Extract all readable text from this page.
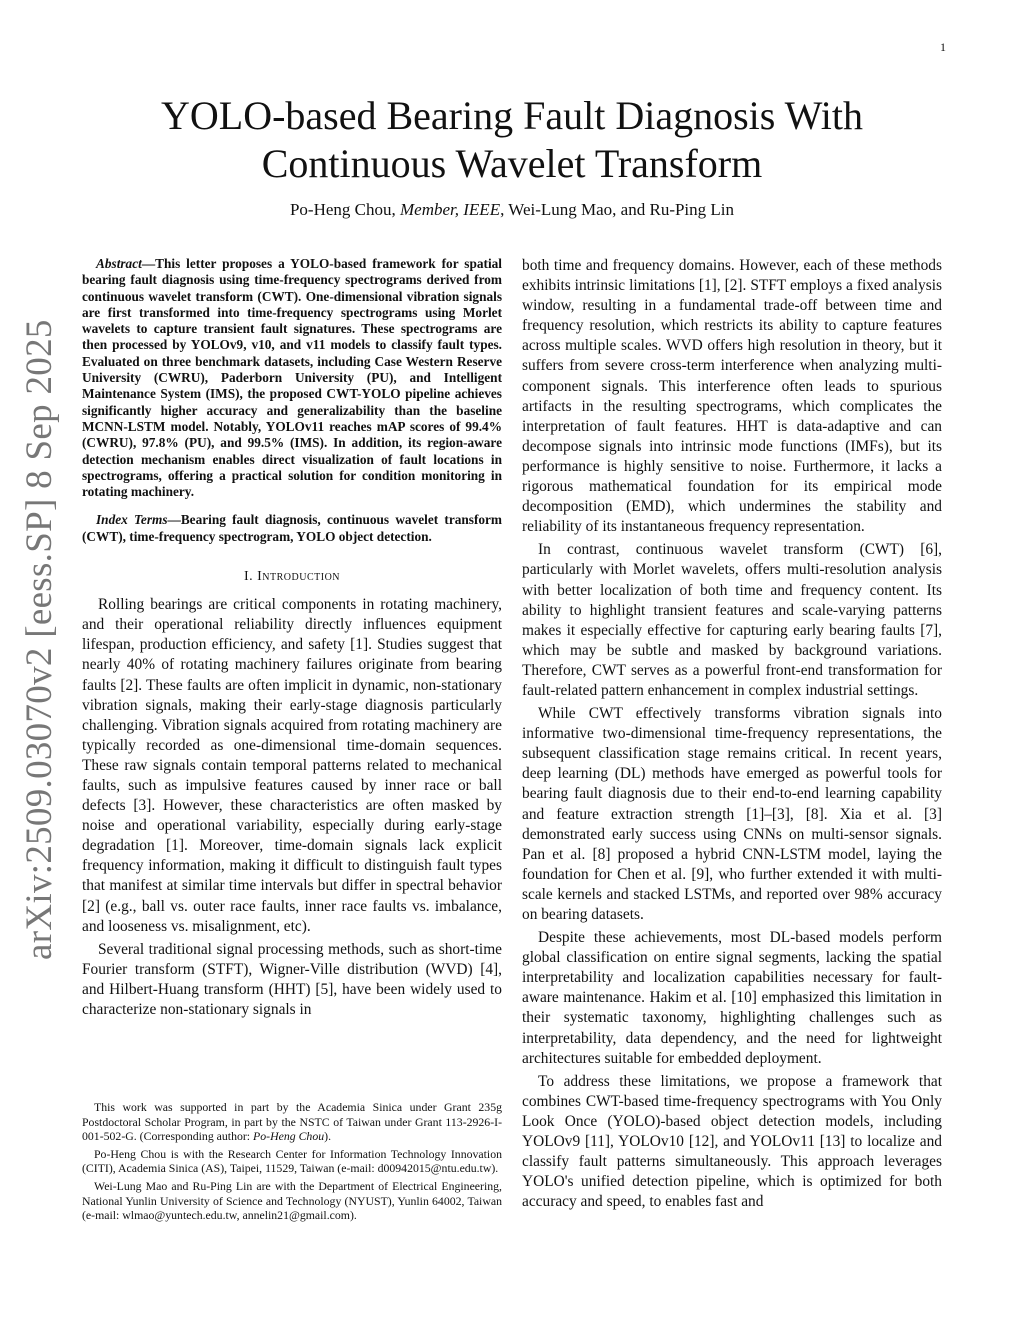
1
arXiv:2509.03070v2 [eess.SP] 8 Sep 2025
YOLO-based Bearing Fault Diagnosis With
Continuous Wavelet Transform
Po-Heng Chou, Member, IEEE, Wei-Lung Mao, and Ru-Ping Lin

Abstract—This letter proposes a YOLO-based framework for spatial bearing fault diagnosis using time-frequency spectrograms derived from continuous wavelet transform (CWT). One-dimensional vibration signals are first transformed into time-frequency spectrograms using Morlet wavelets to capture transient fault signatures. These spectrograms are then processed by YOLOv9, v10, and v11 models to classify fault types. Evaluated on three benchmark datasets, including Case Western Reserve University (CWRU), Paderborn University (PU), and Intelligent Maintenance System (IMS), the proposed CWT-YOLO pipeline achieves significantly higher accuracy and generalizability than the baseline MCNN-LSTM model. Notably, YOLOv11 reaches mAP scores of 99.4% (CWRU), 97.8% (PU), and 99.5% (IMS). In addition, its region-aware detection mechanism enables direct visualization of fault locations in spectrograms, offering a practical solution for condition monitoring in rotating machinery.

Index Terms—Bearing fault diagnosis, continuous wavelet transform (CWT), time-frequency spectrogram, YOLO object detection.

I. Introduction

Rolling bearings are critical components in rotating machinery, and their operational reliability directly influences equipment lifespan, production efficiency, and safety [1]. Studies suggest that nearly 40% of rotating machinery failures originate from bearing faults [2]. These faults are often implicit in dynamic, non-stationary vibration signals, making their early-stage diagnosis particularly challenging. Vibration signals acquired from rotating machinery are typically recorded as one-dimensional time-domain sequences. These raw signals contain temporal patterns related to mechanical faults, such as impulsive features caused by inner race or ball defects [3]. However, these characteristics are often masked by noise and operational variability, especially during early-stage degradation [1]. Moreover, time-domain signals lack explicit frequency information, making it difficult to distinguish fault types that manifest at similar time intervals but differ in spectral behavior [2] (e.g., ball vs. outer race faults, inner race faults vs. imbalance, and looseness vs. misalignment, etc).

Several traditional signal processing methods, such as short-time Fourier transform (STFT), Wigner-Ville distribution (WVD) [4], and Hilbert-Huang transform (HHT) [5], have been widely used to characterize non-stationary signals in

This work was supported in part by the Academia Sinica under Grant 235g Postdoctoral Scholar Program, in part by the NSTC of Taiwan under Grant 113-2926-I-001-502-G. (Corresponding author: Po-Heng Chou).

Po-Heng Chou is with the Research Center for Information Technology Innovation (CITI), Academia Sinica (AS), Taipei, 11529, Taiwan (e-mail: d00942015@ntu.edu.tw).

Wei-Lung Mao and Ru-Ping Lin are with the Department of Electrical Engineering, National Yunlin University of Science and Technology (NYUST), Yunlin 64002, Taiwan (e-mail: wlmao@yuntech.edu.tw, annelin21@gmail.com).

both time and frequency domains. However, each of these methods exhibits intrinsic limitations [1], [2]. STFT employs a fixed analysis window, resulting in a fundamental trade-off between time and frequency resolution, which restricts its ability to capture features across multiple scales. WVD offers high resolution in theory, but it suffers from severe cross-term interference when analyzing multi-component signals. This interference often leads to spurious artifacts in the resulting spectrograms, which complicates the interpretation of fault features. HHT is data-adaptive and can decompose signals into intrinsic mode functions (IMFs), but its performance is highly sensitive to noise. Furthermore, it lacks a rigorous mathematical foundation for its empirical mode decomposition (EMD), which undermines the stability and reliability of its instantaneous frequency representation.

In contrast, continuous wavelet transform (CWT) [6], particularly with Morlet wavelets, offers multi-resolution analysis with better localization of both time and frequency content. Its ability to highlight transient features and scale-varying patterns makes it especially effective for capturing early bearing faults [7], which may be subtle and masked by background variations. Therefore, CWT serves as a powerful front-end transformation for fault-related pattern enhancement in complex industrial settings.

While CWT effectively transforms vibration signals into informative two-dimensional time-frequency representations, the subsequent classification stage remains critical. In recent years, deep learning (DL) methods have emerged as powerful tools for bearing fault diagnosis due to their end-to-end learning capability and feature extraction strength [1]–[3], [8]. Xia et al. [3] demonstrated early success using CNNs on multi-sensor signals. Pan et al. [8] proposed a hybrid CNN-LSTM model, laying the foundation for Chen et al. [9], who further extended it with multi-scale kernels and stacked LSTMs, and reported over 98% accuracy on bearing datasets.

Despite these achievements, most DL-based models perform global classification on entire signal segments, lacking the spatial interpretability and localization capabilities necessary for fault-aware maintenance. Hakim et al. [10] emphasized this limitation in their systematic taxonomy, highlighting challenges such as interpretability, data dependency, and the need for lightweight architectures suitable for embedded deployment.

To address these limitations, we propose a framework that combines CWT-based time-frequency spectrograms with You Only Look Once (YOLO)-based object detection models, including YOLOv9 [11], YOLOv10 [12], and YOLOv11 [13] to localize and classify fault patterns simultaneously. This approach leverages YOLO's unified detection pipeline, which is optimized for both accuracy and speed, to enables fast and
